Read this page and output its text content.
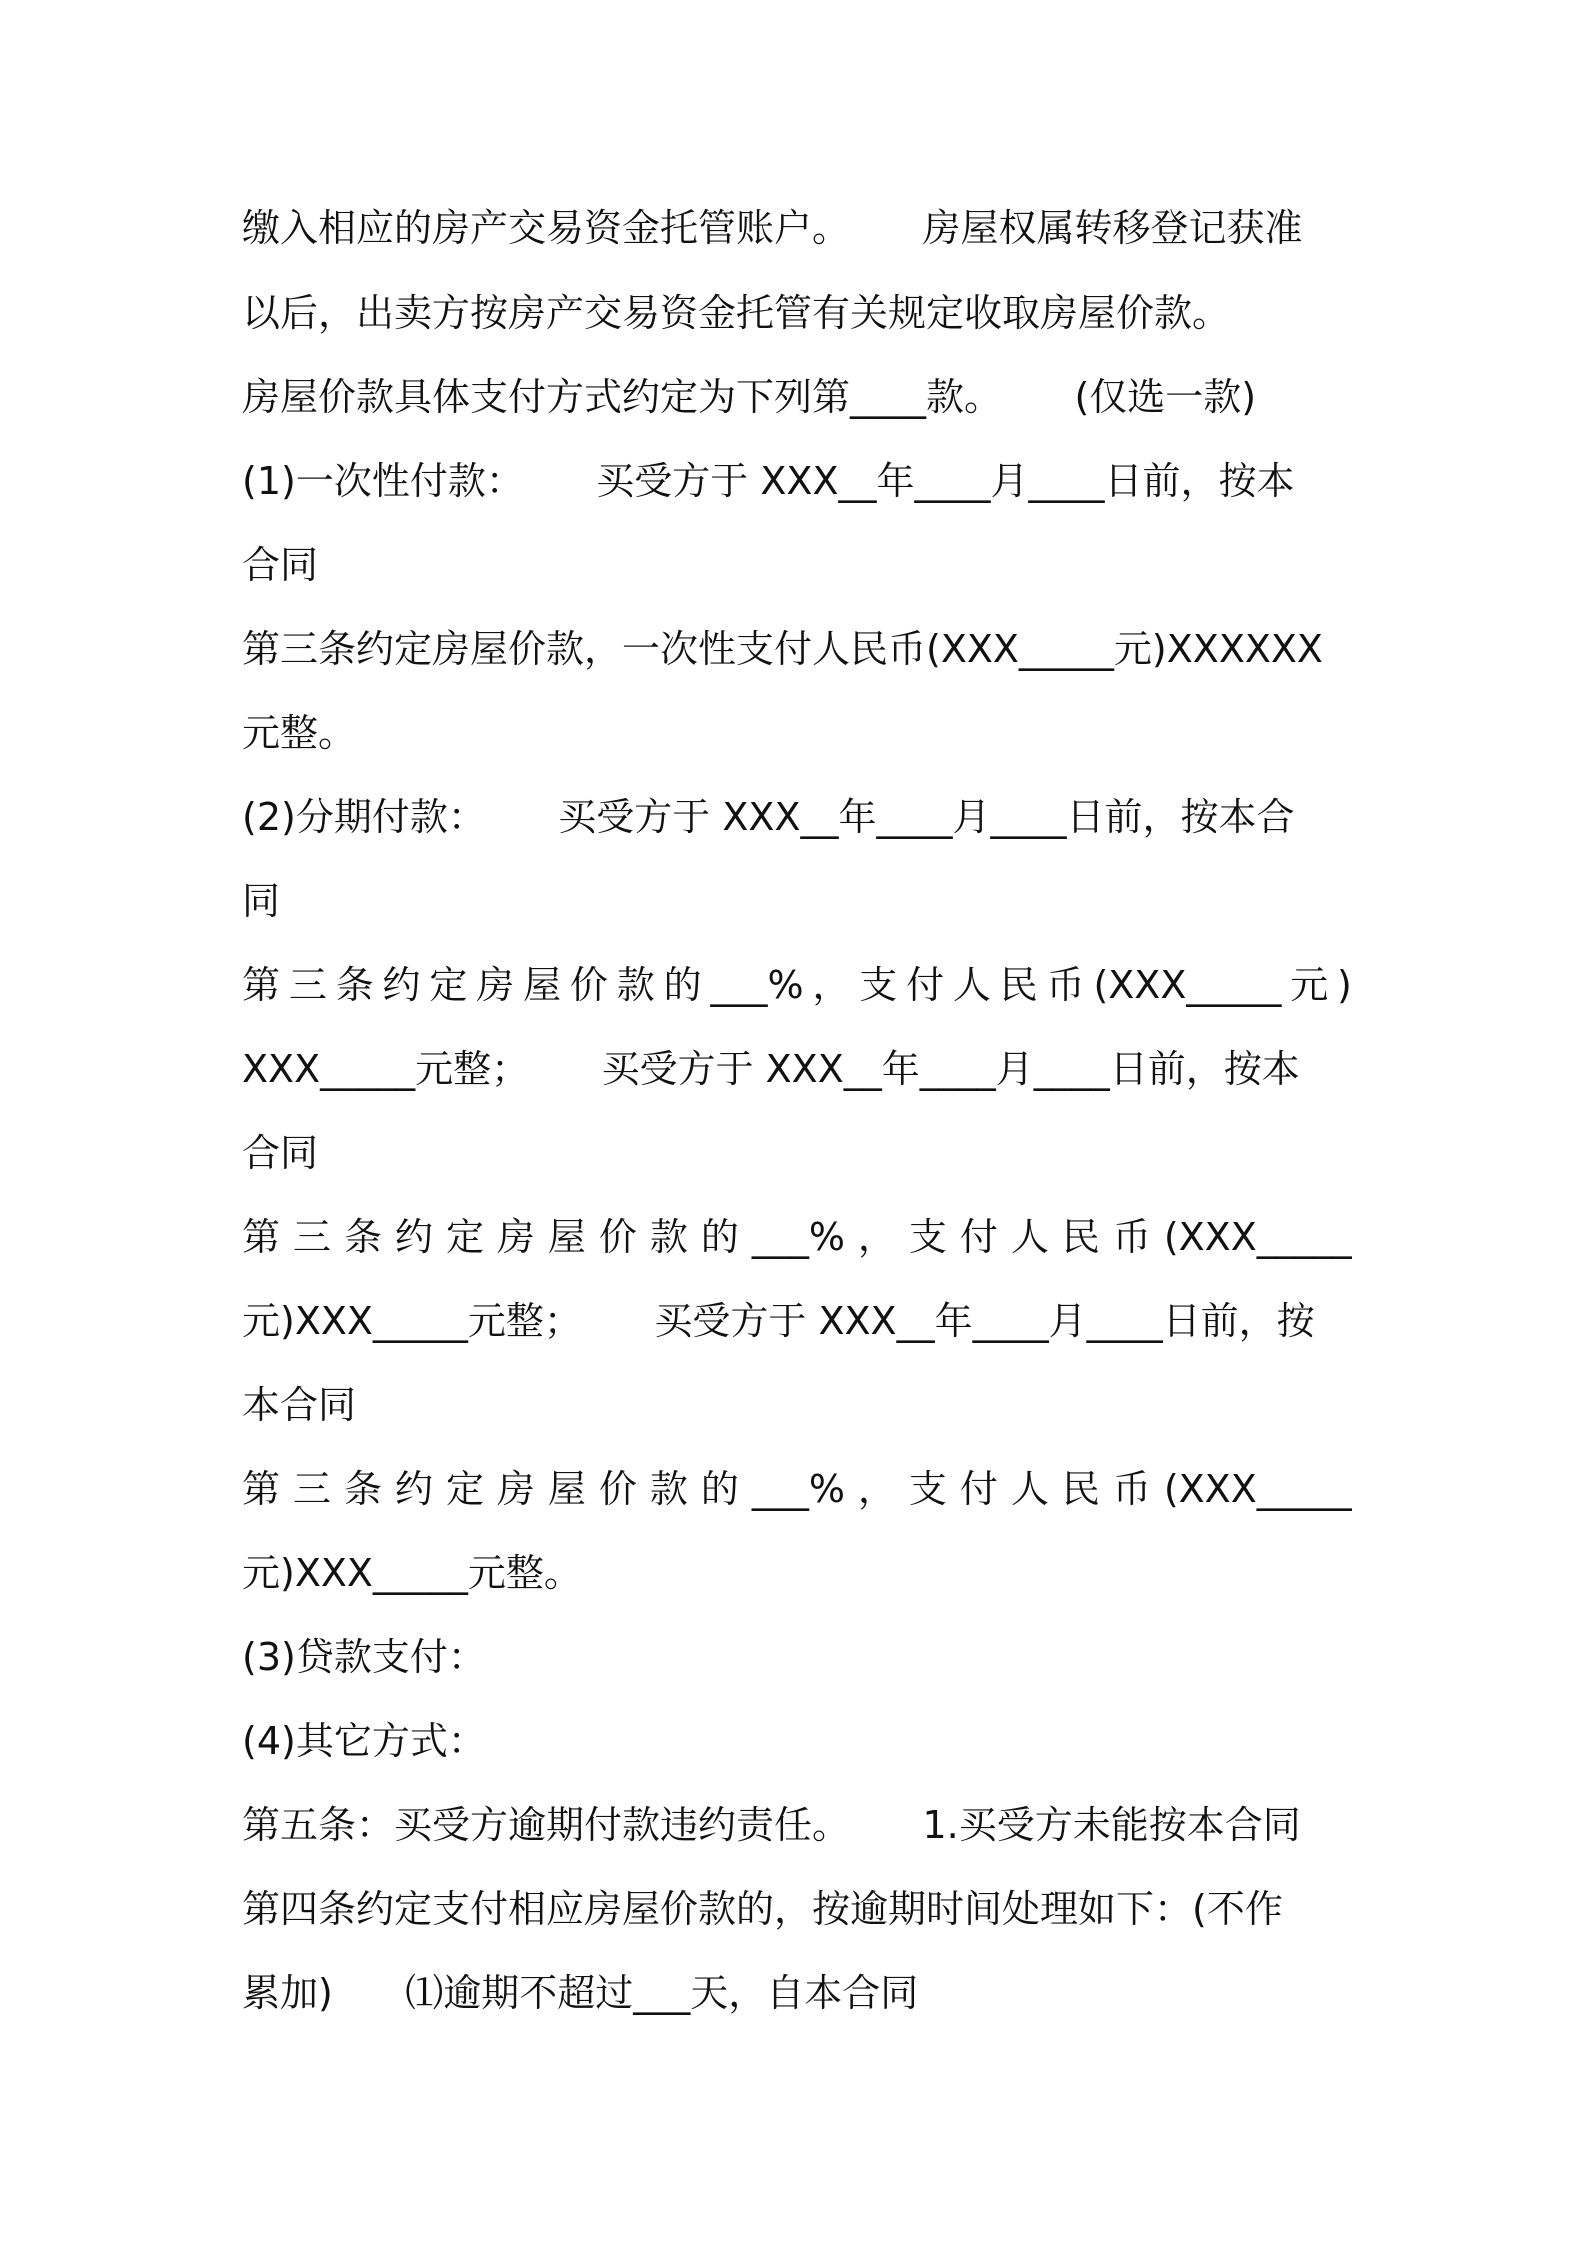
缴入相应的房产交易资金托管账户。      房屋权属转移登记获准
以后，出卖方按房产交易资金托管有关规定收取房屋价款。
房屋价款具体支付方式约定为下列第____款。      (仅选一款)
(1)一次性付款：      买受方于 XXX__年____月____日前，按本
合同
第三条约定房屋价款，一次性支付人民币(XXX_____元)XXXXXX
元整。
(2)分期付款：      买受方于 XXX__年____月____日前，按本合
同
第 三 条 约 定 房 屋 价 款 的 ___% ， 支 付 人 民 币 (XXX_____ 元 )
XXX_____元整；      买受方于 XXX__年____月____日前，按本
合同
第 三 条 约 定 房 屋 价 款 的 ___% ， 支 付 人 民 币 (XXX_____
元)XXX_____元整；      买受方于 XXX__年____月____日前，按
本合同
第 三 条 约 定 房 屋 价 款 的 ___% ， 支 付 人 民 币 (XXX_____
元)XXX_____元整。
(3)贷款支付：
(4)其它方式：
第五条：买受方逾期付款违约责任。      1.买受方未能按本合同
第四条约定支付相应房屋价款的，按逾期时间处理如下：(不作
累加)      ⑴逾期不超过___天，自本合同
